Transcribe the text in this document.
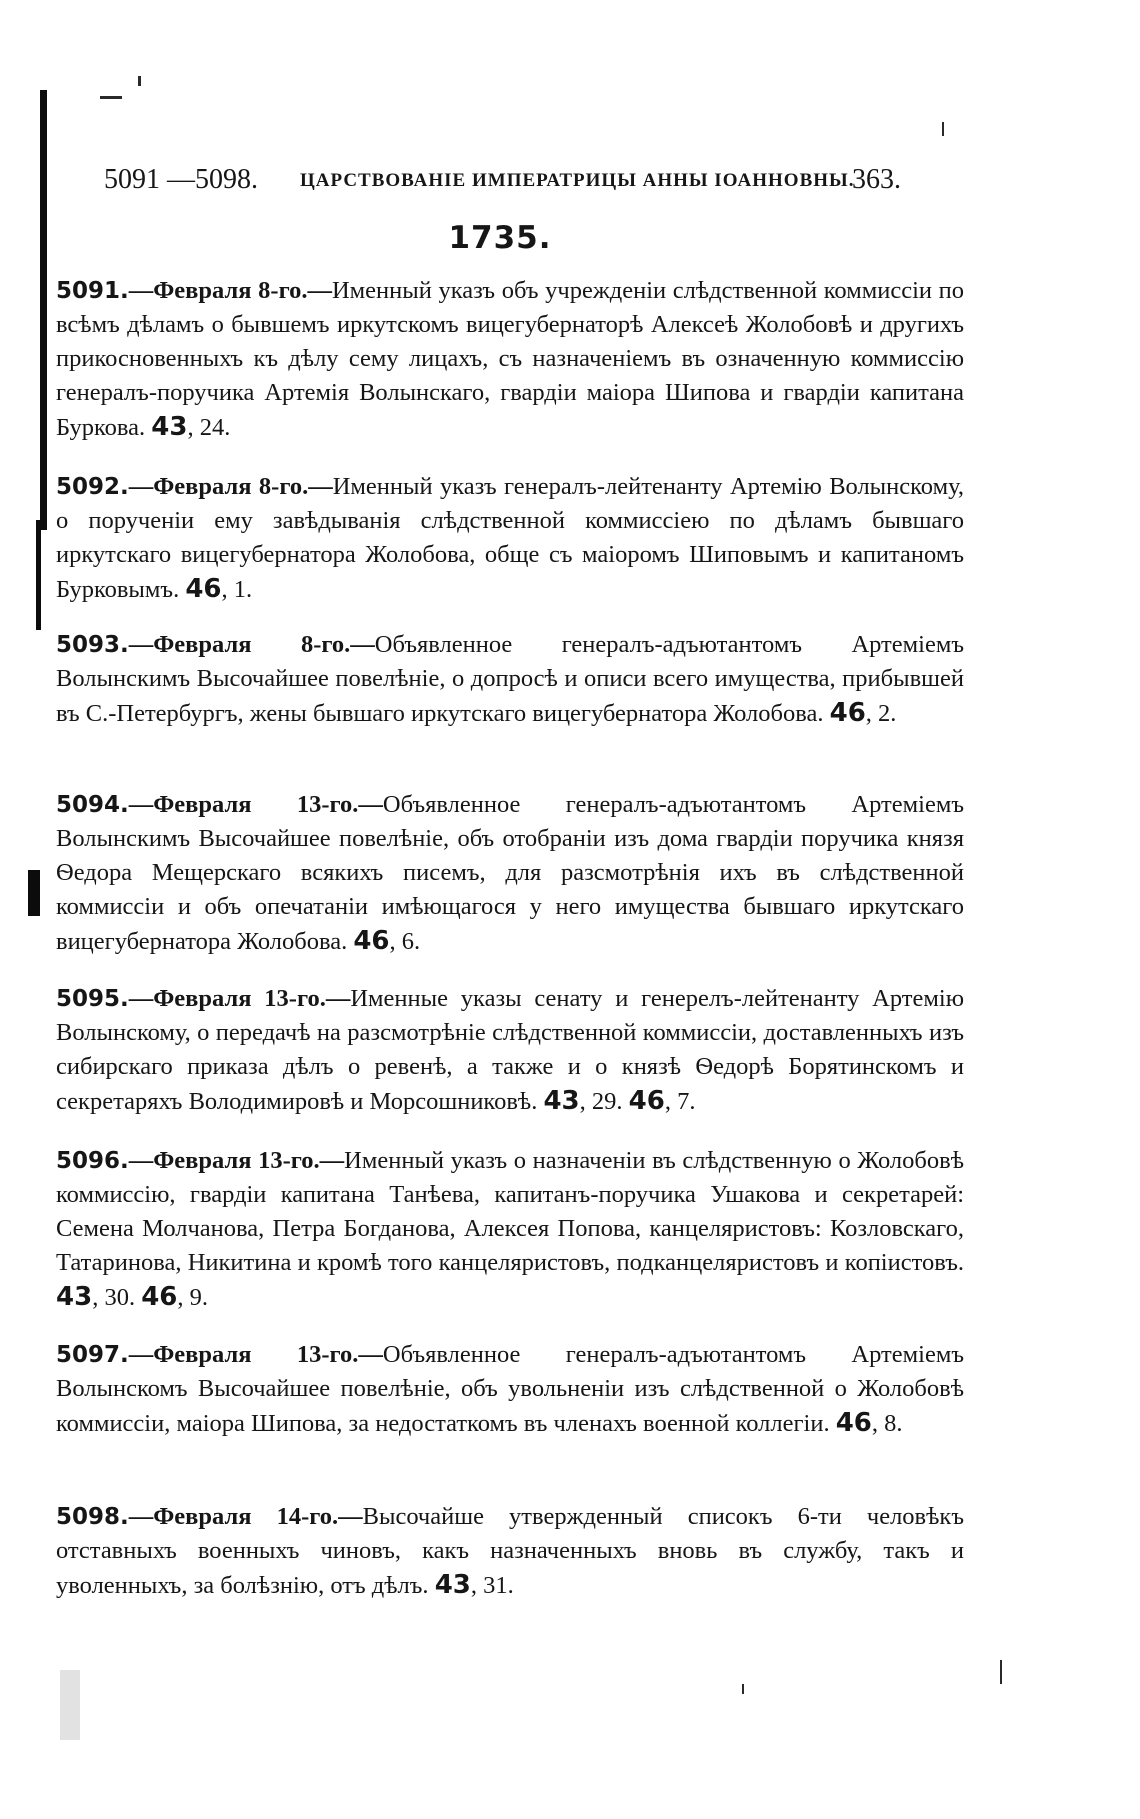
5091 —5098. ЦАРСТВОВАНІЕ ИМПЕРАТРИЦЫ АННЫ ІОАННОВНЫ.
363.
1735.
5091.—Февраля 8-го.—Именный указъ объ учрежденіи слѣдственной коммиссіи по всѣмъ дѣламъ о бывшемъ иркутскомъ вицегубернаторѣ Алексеѣ Жолобовѣ и другихъ прикосновенныхъ къ дѣлу сему лицахъ, съ назначеніемъ въ означенную коммиссію генералъ-поручика Артемія Волынскаго, гвардіи маіора Шипова и гвардіи капитана Буркова. 43, 24.
5092.—Февраля 8-го.—Именный указъ генералъ-лейтенанту Артемію Волынскому, о порученіи ему завѣдыванія слѣдственной коммиссіею по дѣламъ бывшаго иркутскаго вицегубернатора Жолобова, обще съ маіоромъ Шиповымъ и капитаномъ Бурковымъ. 46, 1.
5093.—Февраля 8-го.—Объявленное генералъ-адъютантомъ Артеміемъ Волынскимъ Высочайшее повелѣніе, о допросѣ и описи всего имущества, прибывшей въ С.-Петербургъ, жены бывшаго иркутскаго вицегубернатора Жолобова. 46, 2.
5094.—Февраля 13-го.—Объявленное генералъ-адъютантомъ Артеміемъ Волынскимъ Высочайшее повелѣніе, объ отобраніи изъ дома гвардіи поручика князя Ѳедора Мещерскаго всякихъ писемъ, для разсмотрѣнія ихъ въ слѣдственной коммиссіи и объ опечатаніи имѣющагося у него имущества бывшаго иркутскаго вицегубернатора Жолобова. 46, 6.
5095.—Февраля 13-го.—Именные указы сенату и генерелъ-лейтенанту Артемію Волынскому, о передачѣ на разсмотрѣніе слѣдственной коммиссіи, доставленныхъ изъ сибирскаго приказа дѣлъ о ревенѣ, а также и о князѣ Ѳедорѣ Борятинскомъ и секретаряхъ Володимировѣ и Морсошниковѣ. 43, 29. 46, 7.
5096.—Февраля 13-го.—Именный указъ о назначеніи въ слѣдственную о Жолобовѣ коммиссію, гвардіи капитана Танѣева, капитанъ-поручика Ушакова и секретарей: Семена Молчанова, Петра Богданова, Алексея Попова, канцеляристовъ: Козловскаго, Татаринова, Никитина и кромѣ того канцеляристовъ, подканцеляристовъ и копіистовъ. 43, 30. 46, 9.
5097.—Февраля 13-го.—Объявленное генералъ-адъютантомъ Артеміемъ Волынскомъ Высочайшее повелѣніе, объ увольненіи изъ слѣдственной о Жолобовѣ коммиссіи, маіора Шипова, за недостаткомъ въ членахъ военной коллегіи. 46, 8.
5098.—Февраля 14-го.—Высочайше утвержденный списокъ 6-ти человѣкъ отставныхъ военныхъ чиновъ, какъ назначенныхъ вновь въ службу, такъ и уволенныхъ, за болѣзнію, отъ дѣлъ. 43, 31.
